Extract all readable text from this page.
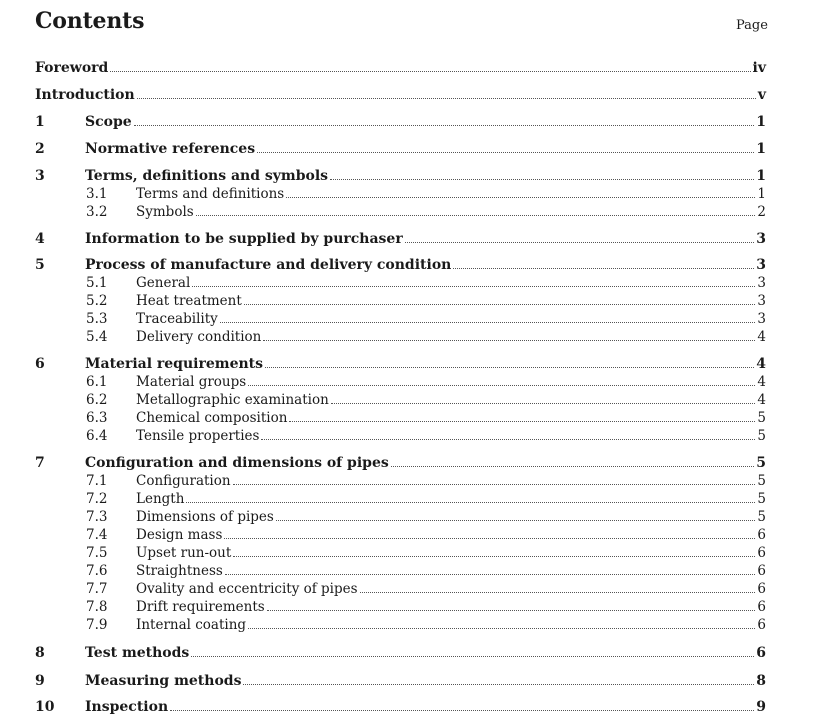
Contents	Page
Foreword	iv
Introduction	v
1	Scope	1
2	Normative references	1
3	Terms, definitions and symbols	1
3.1	Terms and definitions	1
3.2	Symbols	2
4	Information to be supplied by purchaser	3
5	Process of manufacture and delivery condition	3
5.1	General	3
5.2	Heat treatment	3
5.3	Traceability	3
5.4	Delivery condition	4
6	Material requirements	4
6.1	Material groups	4
6.2	Metallographic examination	4
6.3	Chemical composition	5
6.4	Tensile properties	5
7	Configuration and dimensions of pipes	5
7.1	Configuration	5
7.2	Length	5
7.3	Dimensions of pipes	5
7.4	Design mass	6
7.5	Upset run-out	6
7.6	Straightness	6
7.7	Ovality and eccentricity of pipes	6
7.8	Drift requirements	6
7.9	Internal coating	6
8	Test methods	6
9	Measuring methods	8
10	Inspection	9
